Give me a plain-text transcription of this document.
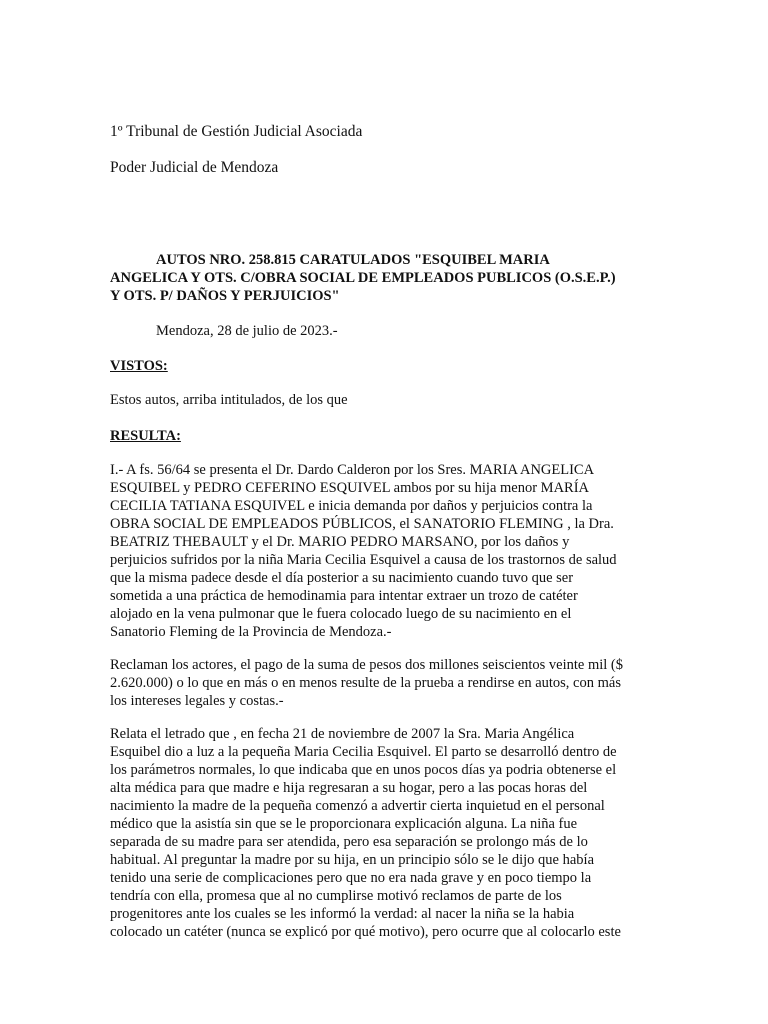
1º Tribunal de Gestión Judicial Asociada
Poder Judicial de Mendoza
AUTOS NRO. 258.815 CARATULADOS "ESQUIBEL MARIA
ANGELICA Y OTS. C/OBRA SOCIAL DE EMPLEADOS PUBLICOS (O.S.E.P.)
Y OTS. P/ DAÑOS Y PERJUICIOS"
Mendoza, 28 de julio de 2023.-
VISTOS:
Estos autos, arriba intitulados, de los que
RESULTA:
I.- A fs. 56/64 se presenta el Dr. Dardo Calderon por los Sres. MARIA ANGELICA
ESQUIBEL y PEDRO CEFERINO ESQUIVEL ambos por su hija menor MARÍA
CECILIA TATIANA ESQUIVEL e inicia demanda por daños y perjuicios contra la
OBRA SOCIAL DE EMPLEADOS PÚBLICOS, el SANATORIO FLEMING , la Dra.
BEATRIZ THEBAULT y el Dr. MARIO PEDRO MARSANO, por los daños y
perjuicios sufridos por la niña Maria Cecilia Esquivel a causa de los trastornos de salud
que la misma padece desde el día posterior a su nacimiento cuando tuvo que ser
sometida a una práctica de hemodinamia para intentar extraer un trozo de catéter
alojado en la vena pulmonar que le fuera colocado luego de su nacimiento en el
Sanatorio Fleming de la Provincia de Mendoza.-
Reclaman los actores, el pago de la suma de pesos dos millones seiscientos veinte mil ($
2.620.000) o lo que en más o en menos resulte de la prueba a rendirse en autos, con más
los intereses legales y costas.-
Relata el letrado que , en fecha 21 de noviembre de 2007 la Sra. Maria Angélica
Esquibel dio a luz a la pequeña Maria Cecilia Esquivel. El parto se desarrolló dentro de
los parámetros normales, lo que indicaba que en unos pocos días ya podria obtenerse el
alta médica para que madre e hija regresaran a su hogar, pero a las pocas horas del
nacimiento la madre de la pequeña comenzó a advertir cierta inquietud en el personal
médico que la asistía sin que se le proporcionara explicación alguna. La niña fue
separada de su madre para ser atendida, pero esa separación se prolongo más de lo
habitual. Al preguntar la madre por su hija, en un principio sólo se le dijo que había
tenido una serie de complicaciones pero que no era nada grave y en poco tiempo la
tendría con ella, promesa que al no cumplirse motivó reclamos de parte de los
progenitores ante los cuales se les informó la verdad: al nacer la niña se la habia
colocado un catéter (nunca se explicó por qué motivo), pero ocurre que al colocarlo este
